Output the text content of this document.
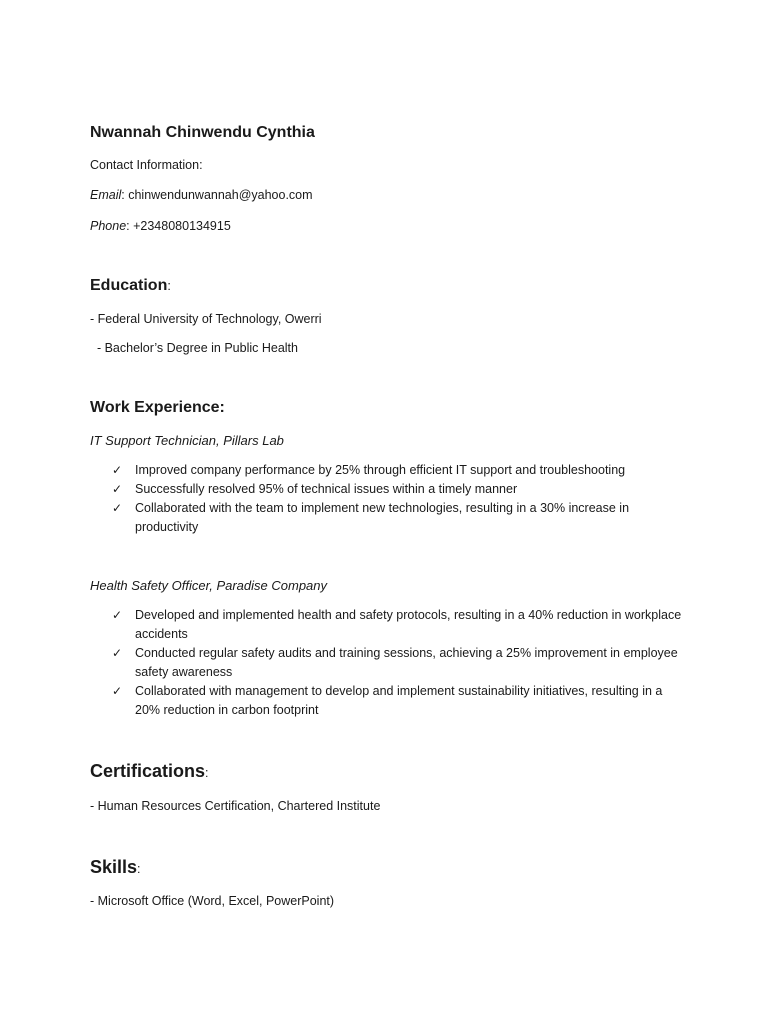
Nwannah Chinwendu Cynthia
Contact Information:
Email: chinwendunwannah@yahoo.com
Phone: +2348080134915
Education:
- Federal University of Technology, Owerri
- Bachelor’s Degree in Public Health
Work Experience:
IT Support Technician, Pillars Lab
✓ Improved company performance by 25% through efficient IT support and troubleshooting
✓ Successfully resolved 95% of technical issues within a timely manner
✓ Collaborated with the team to implement new technologies, resulting in a 30% increase in productivity
Health Safety Officer, Paradise Company
✓ Developed and implemented health and safety protocols, resulting in a 40% reduction in workplace accidents
✓ Conducted regular safety audits and training sessions, achieving a 25% improvement in employee safety awareness
✓ Collaborated with management to develop and implement sustainability initiatives, resulting in a 20% reduction in carbon footprint
Certifications:
- Human Resources Certification, Chartered Institute
Skills:
- Microsoft Office (Word, Excel, PowerPoint)
